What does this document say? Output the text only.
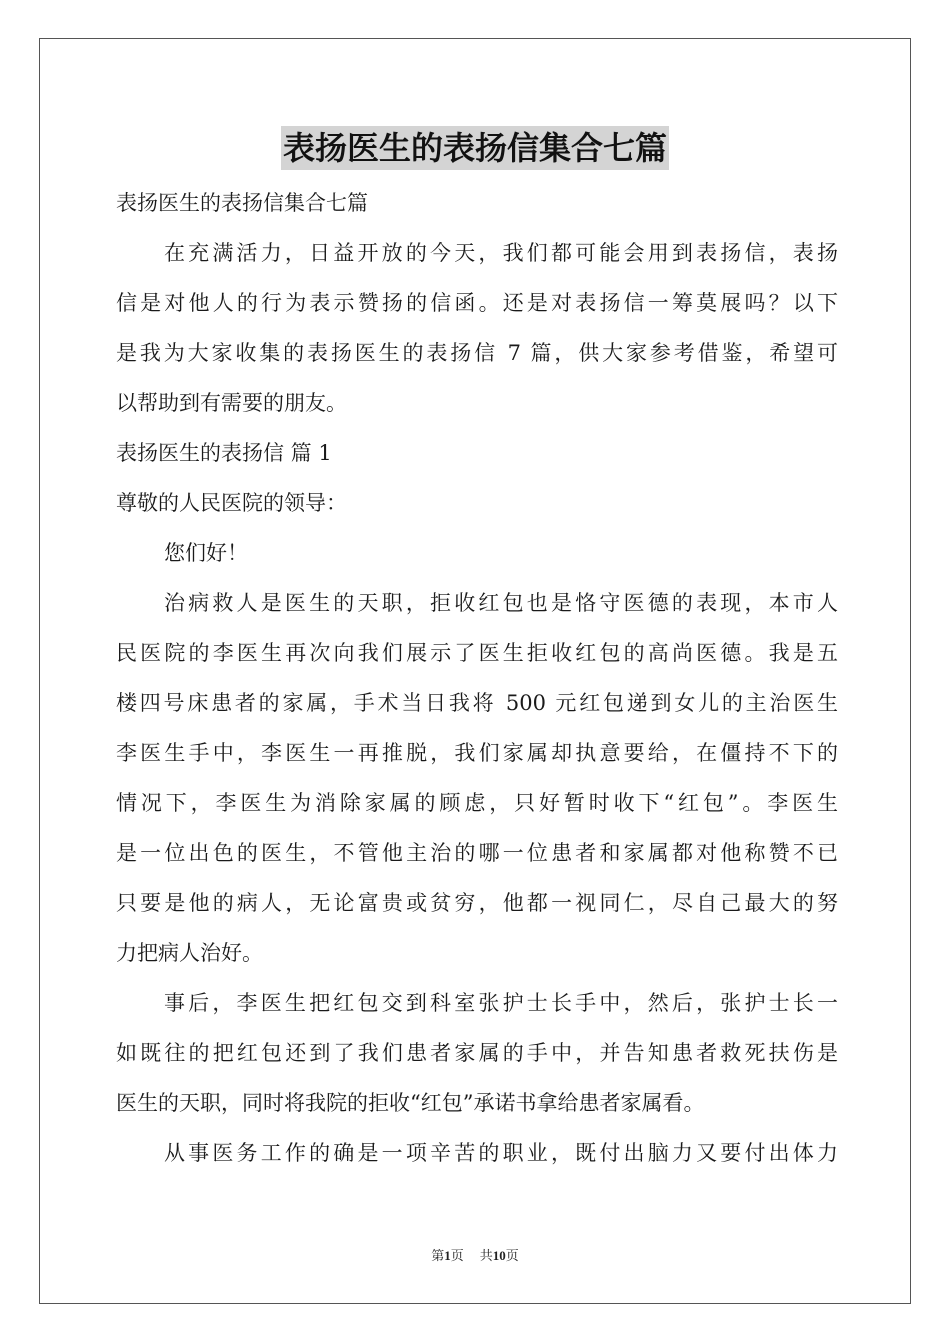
表扬医生的表扬信集合七篇
表扬医生的表扬信集合七篇
在充满活力，日益开放的今天，我们都可能会用到表扬信，表扬
信是对他人的行为表示赞扬的信函。还是对表扬信一筹莫展吗？以下
是我为大家收集的表扬医生的表扬信 7 篇，供大家参考借鉴，希望可
以帮助到有需要的朋友。
表扬医生的表扬信 篇 1
尊敬的人民医院的领导：
您们好！
治病救人是医生的天职，拒收红包也是恪守医德的表现，本市人
民医院的李医生再次向我们展示了医生拒收红包的高尚医德。我是五
楼四号床患者的家属，手术当日我将 500 元红包递到女儿的主治医生
李医生手中，李医生一再推脱，我们家属却执意要给，在僵持不下的
情况下，李医生为消除家属的顾虑，只好暂时收下“红包”。李医生
是一位出色的医生，不管他主治的哪一位患者和家属都对他称赞不已
只要是他的病人，无论富贵或贫穷，他都一视同仁，尽自己最大的努
力把病人治好。
事后，李医生把红包交到科室张护士长手中，然后，张护士长一
如既往的把红包还到了我们患者家属的手中，并告知患者救死扶伤是
医生的天职，同时将我院的拒收“红包”承诺书拿给患者家属看。
从事医务工作的确是一项辛苦的职业，既付出脑力又要付出体力
第1页 共10页
